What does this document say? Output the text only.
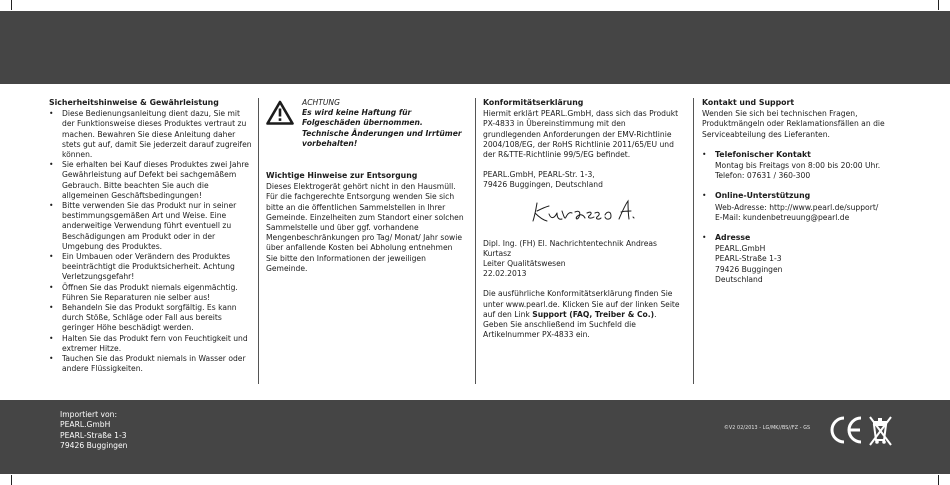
Sicherheitshinweise & Gewährleistung
• Diese Bedienungsanleitung dient dazu, Sie mit der Funktionsweise dieses Produktes vertraut zu machen. Bewahren Sie diese Anleitung daher stets gut auf, damit Sie jederzeit darauf zugreifen können.
• Sie erhalten bei Kauf dieses Produktes zwei Jahre Gewährleistung auf Defekt bei sachgemäßem Gebrauch. Bitte beachten Sie auch die allgemeinen Geschäftsbedingungen!
• Bitte verwenden Sie das Produkt nur in seiner bestimmungsgemäßen Art und Weise. Eine anderweitige Verwendung führt eventuell zu Beschädigungen am Produkt oder in der Umgebung des Produktes.
• Ein Umbauen oder Verändern des Produktes beeinträchtigt die Produktsicherheit. Achtung Verletzungsgefahr!
• Öffnen Sie das Produkt niemals eigenmächtig. Führen Sie Reparaturen nie selber aus!
• Behandeln Sie das Produkt sorgfältig. Es kann durch Stöße, Schläge oder Fall aus bereits geringer Höhe beschädigt werden.
• Halten Sie das Produkt fern von Feuchtigkeit und extremer Hitze.
• Tauchen Sie das Produkt niemals in Wasser oder andere Flüssigkeiten.
ACHTUNG
Es wird keine Haftung für Folgeschäden übernommen. Technische Änderungen und Irrtümer vorbehalten!
Wichtige Hinweise zur Entsorgung
Dieses Elektrogerät gehört nicht in den Hausmüll. Für die fachgerechte Entsorgung wenden Sie sich bitte an die öffentlichen Sammelstellen in Ihrer Gemeinde. Einzelheiten zum Standort einer solchen Sammelstelle und über ggf. vorhandene Mengenbeschränkungen pro Tag/ Monat/ Jahr sowie über anfallende Kosten bei Abholung entnehmen Sie bitte den Informationen der jeweiligen Gemeinde.
Konformitätserklärung
Hiermit erklärt PEARL.GmbH, dass sich das Produkt PX-4833 in Übereinstimmung mit den grundlegenden Anforderungen der EMV-Richtlinie 2004/108/EG, der RoHS Richtlinie 2011/65/EU und der R&TTE-Richtlinie 99/5/EG befindet.
PEARL.GmbH, PEARL-Str. 1-3,
79426 Buggingen, Deutschland
Dipl. Ing. (FH) El. Nachrichtentechnik Andreas Kurtasz
Leiter Qualitätswesen
22.02.2013
Die ausführliche Konformitätserklärung finden Sie unter www.pearl.de. Klicken Sie auf der linken Seite auf den Link Support (FAQ, Treiber & Co.). Geben Sie anschließend im Suchfeld die Artikelnummer PX-4833 ein.
Kontakt und Support
Wenden Sie sich bei technischen Fragen, Produktmängeln oder Reklamationsfällen an die Serviceabteilung des Lieferanten.
• Telefonischer Kontakt
Montag bis Freitags von 8:00 bis 20:00 Uhr.
Telefon: 07631 / 360-300
• Online-Unterstützung
Web-Adresse: http://www.pearl.de/support/
E-Mail: kundenbetreuung@pearl.de
• Adresse
PEARL.GmbH
PEARL-Straße 1-3
79426 Buggingen
Deutschland
Importiert von:
PEARL.GmbH
PEARL-Straße 1-3
79426 Buggingen
©V2 02/2013 - LG/MK//BS//FZ - GS
CE
